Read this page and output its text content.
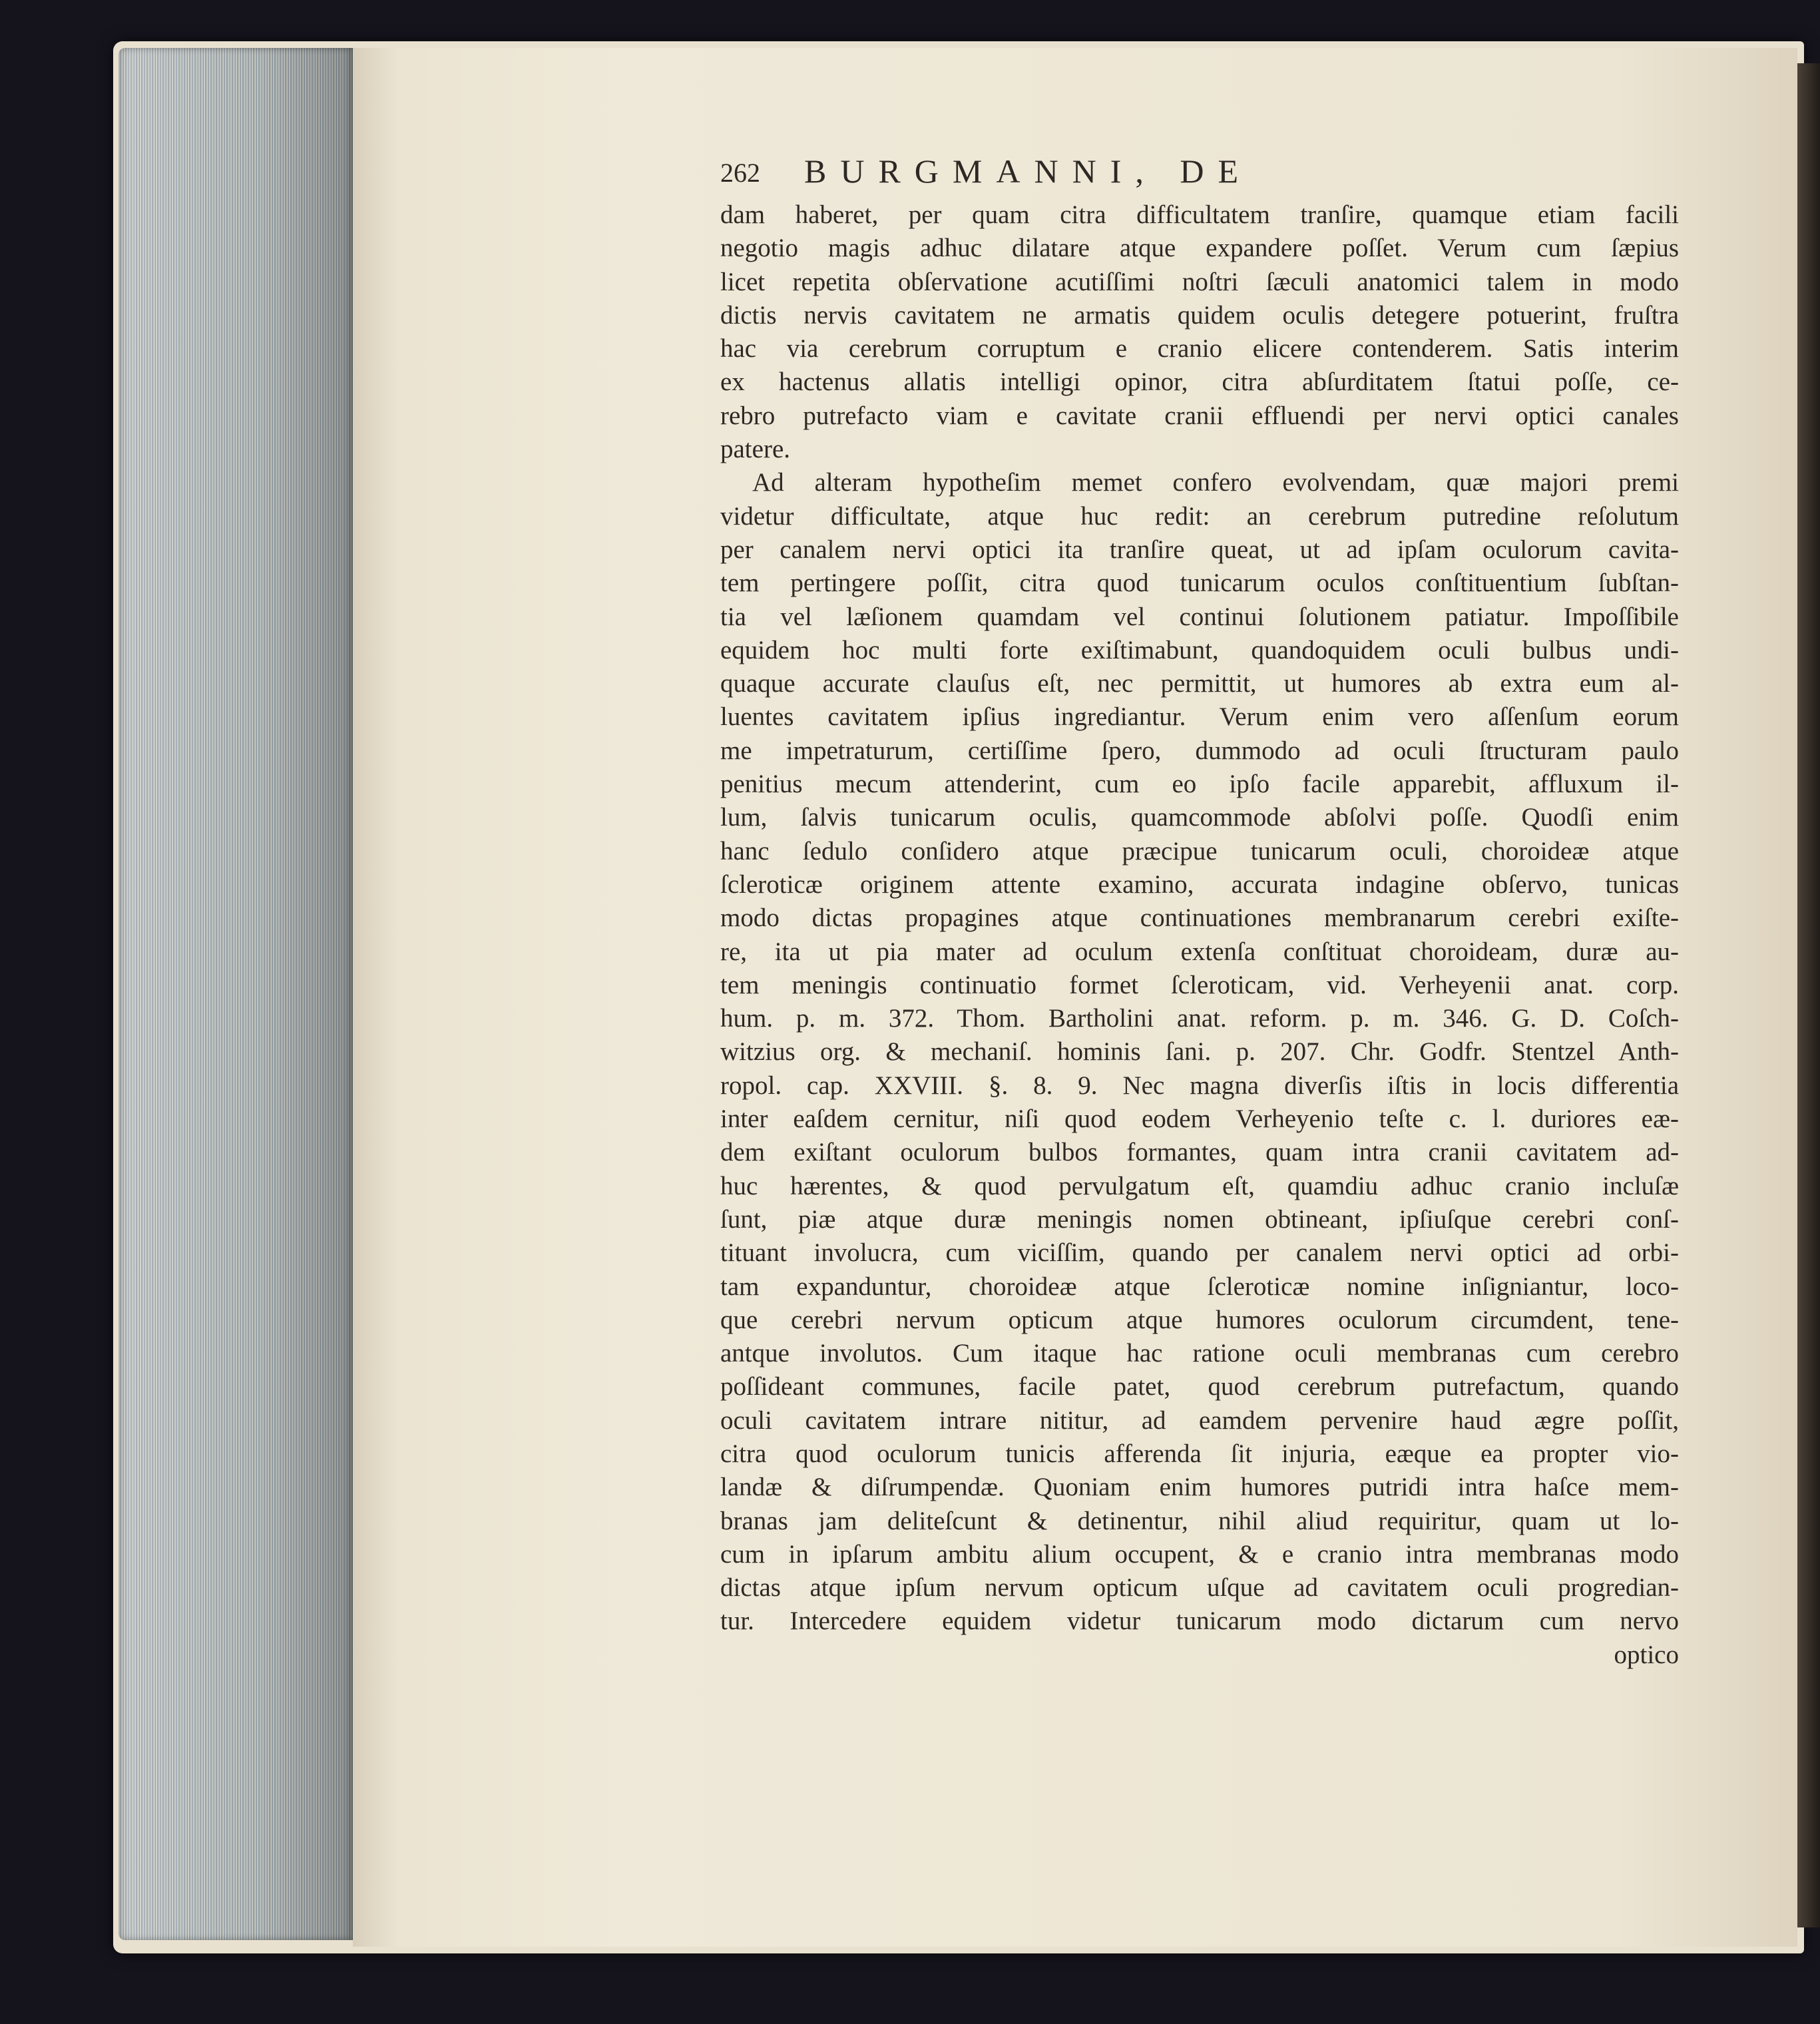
262 BURGMANNI, DE
dam haberet, per quam citra difficultatem tranſire, quamque etiam facili
negotio magis adhuc dilatare atque expandere poſſet. Verum cum ſæpius
licet repetita obſervatione acutiſſimi noſtri ſæculi anatomici talem in modo
dictis nervis cavitatem ne armatis quidem oculis detegere potuerint, fruſtra
hac via cerebrum corruptum e cranio elicere contenderem. Satis interim
ex hactenus allatis intelligi opinor, citra abſurditatem ſtatui poſſe, ce-
rebro putrefacto viam e cavitate cranii effluendi per nervi optici canales
patere.
Ad alteram hypotheſim memet confero evolvendam, quæ majori premi
videtur difficultate, atque huc redit: an cerebrum putredine reſolutum
per canalem nervi optici ita tranſire queat, ut ad ipſam oculorum cavita-
tem pertingere poſſit, citra quod tunicarum oculos conſtituentium ſubſtan-
tia vel læſionem quamdam vel continui ſolutionem patiatur. Impoſſibile
equidem hoc multi forte exiſtimabunt, quandoquidem oculi bulbus undi-
quaque accurate clauſus eſt, nec permittit, ut humores ab extra eum al-
luentes cavitatem ipſius ingrediantur. Verum enim vero aſſenſum eorum
me impetraturum, certiſſime ſpero, dummodo ad oculi ſtructuram paulo
penitius mecum attenderint, cum eo ipſo facile apparebit, affluxum il-
lum, ſalvis tunicarum oculis, quamcommode abſolvi poſſe. Quodſi enim
hanc ſedulo conſidero atque præcipue tunicarum oculi, choroideæ atque
ſcleroticæ originem attente examino, accurata indagine obſervo, tunicas
modo dictas propagines atque continuationes membranarum cerebri exiſte-
re, ita ut pia mater ad oculum extenſa conſtituat choroideam, duræ au-
tem meningis continuatio formet ſcleroticam, vid. Verheyenii anat. corp.
hum. p. m. 372. Thom. Bartholini anat. reform. p. m. 346. G. D. Coſch-
witzius org. & mechaniſ. hominis ſani. p. 207. Chr. Godfr. Stentzel Anth-
ropol. cap. XXVIII. §. 8. 9. Nec magna diverſis iſtis in locis differentia
inter eaſdem cernitur, niſi quod eodem Verheyenio teſte c. l. duriores eæ-
dem exiſtant oculorum bulbos formantes, quam intra cranii cavitatem ad-
huc hærentes, & quod pervulgatum eſt, quamdiu adhuc cranio incluſæ
ſunt, piæ atque duræ meningis nomen obtineant, ipſiuſque cerebri conſ-
tituant involucra, cum viciſſim, quando per canalem nervi optici ad orbi-
tam expanduntur, choroideæ atque ſcleroticæ nomine inſigniantur, loco-
que cerebri nervum opticum atque humores oculorum circumdent, tene-
antque involutos. Cum itaque hac ratione oculi membranas cum cerebro
poſſideant communes, facile patet, quod cerebrum putrefactum, quando
oculi cavitatem intrare nititur, ad eamdem pervenire haud ægre poſſit,
citra quod oculorum tunicis afferenda ſit injuria, eæque ea propter vio-
landæ & diſrumpendæ. Quoniam enim humores putridi intra haſce mem-
branas jam deliteſcunt & detinentur, nihil aliud requiritur, quam ut lo-
cum in ipſarum ambitu alium occupent, & e cranio intra membranas modo
dictas atque ipſum nervum opticum uſque ad cavitatem oculi progredian-
tur. Intercedere equidem videtur tunicarum modo dictarum cum nervo
optico
